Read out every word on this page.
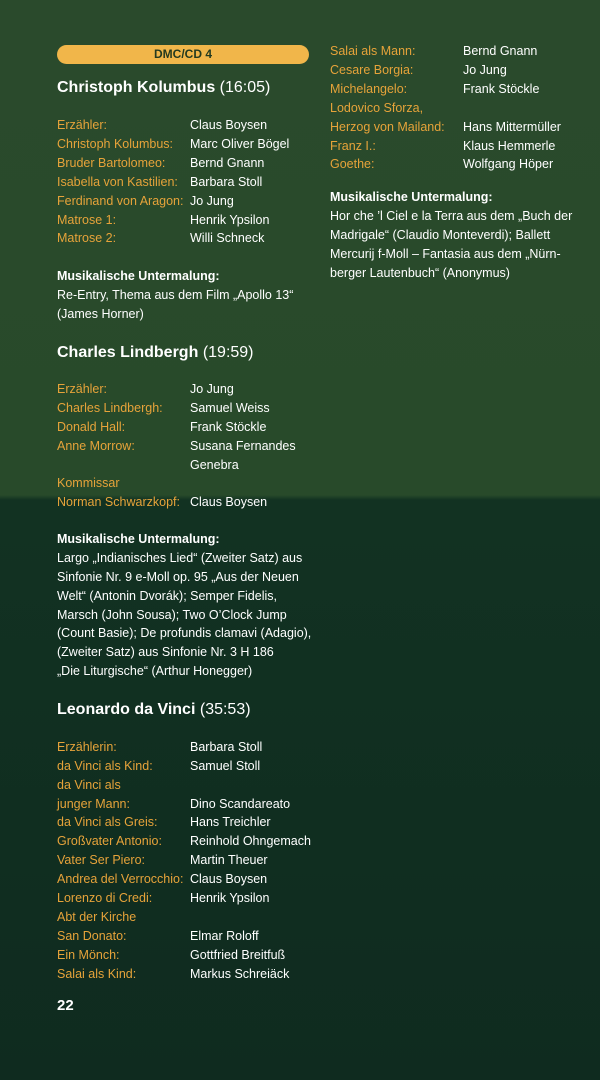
DMC/CD 4
Christoph Kolumbus (16:05)
Erzähler:	Claus Boysen
Christoph Kolumbus:	Marc Oliver Bögel
Bruder Bartolomeo:	Bernd Gnann
Isabella von Kastilien: Barbara Stoll
Ferdinand von Aragon: Jo Jung
Matrose 1:	Henrik Ypsilon
Matrose 2:	Willi Schneck
Musikalische Untermalung:
Re-Entry, Thema aus dem Film „Apollo 13“
(James Horner)
Charles Lindbergh (19:59)
Erzähler:	Jo Jung
Charles Lindbergh:	Samuel Weiss
Donald Hall:	Frank Stöckle
Anne Morrow:	Susana Fernandes
Genebra
Kommissar
Norman Schwarzkopf: Claus Boysen
Musikalische Untermalung:
Largo „Indianisches Lied“ (Zweiter Satz) aus
Sinfonie Nr. 9 e-Moll op. 95 „Aus der Neuen
Welt“ (Antonin Dvorák); Semper Fidelis,
Marsch (John Sousa); Two O’Clock Jump
(Count Basie); De profundis clamavi (Adagio),
(Zweiter Satz) aus Sinfonie Nr. 3 H 186
„Die Liturgische“ (Arthur Honegger)
Leonardo da Vinci (35:53)
Erzählerin:	Barbara Stoll
da Vinci als Kind:	Samuel Stoll
da Vinci als
junger Mann:	Dino Scandareato
da Vinci als Greis:	Hans Treichler
Großvater Antonio:	Reinhold Ohngemach
Vater Ser Piero:	Martin Theuer
Andrea del Verrocchio: Claus Boysen
Lorenzo di Credi:	Henrik Ypsilon
Abt der Kirche
San Donato:	Elmar Roloff
Ein Mönch:	Gottfried Breitfuß
Salai als Kind:	Markus Schreiäck
Salai als Mann:	Bernd Gnann
Cesare Borgia:	Jo Jung
Michelangelo:	Frank Stöckle
Lodovico Sforza,
Herzog von Mailand:	Hans Mittermüller
Franz I.:	Klaus Hemmerle
Goethe:	Wolfgang Höper
Musikalische Untermalung:
Hor che ’l Ciel e la Terra aus dem „Buch der
Madrigale“ (Claudio Monteverdi); Ballett
Mercurij f-Moll – Fantasia aus dem „Nürn-
berger Lautenbuch“ (Anonymus)
22
